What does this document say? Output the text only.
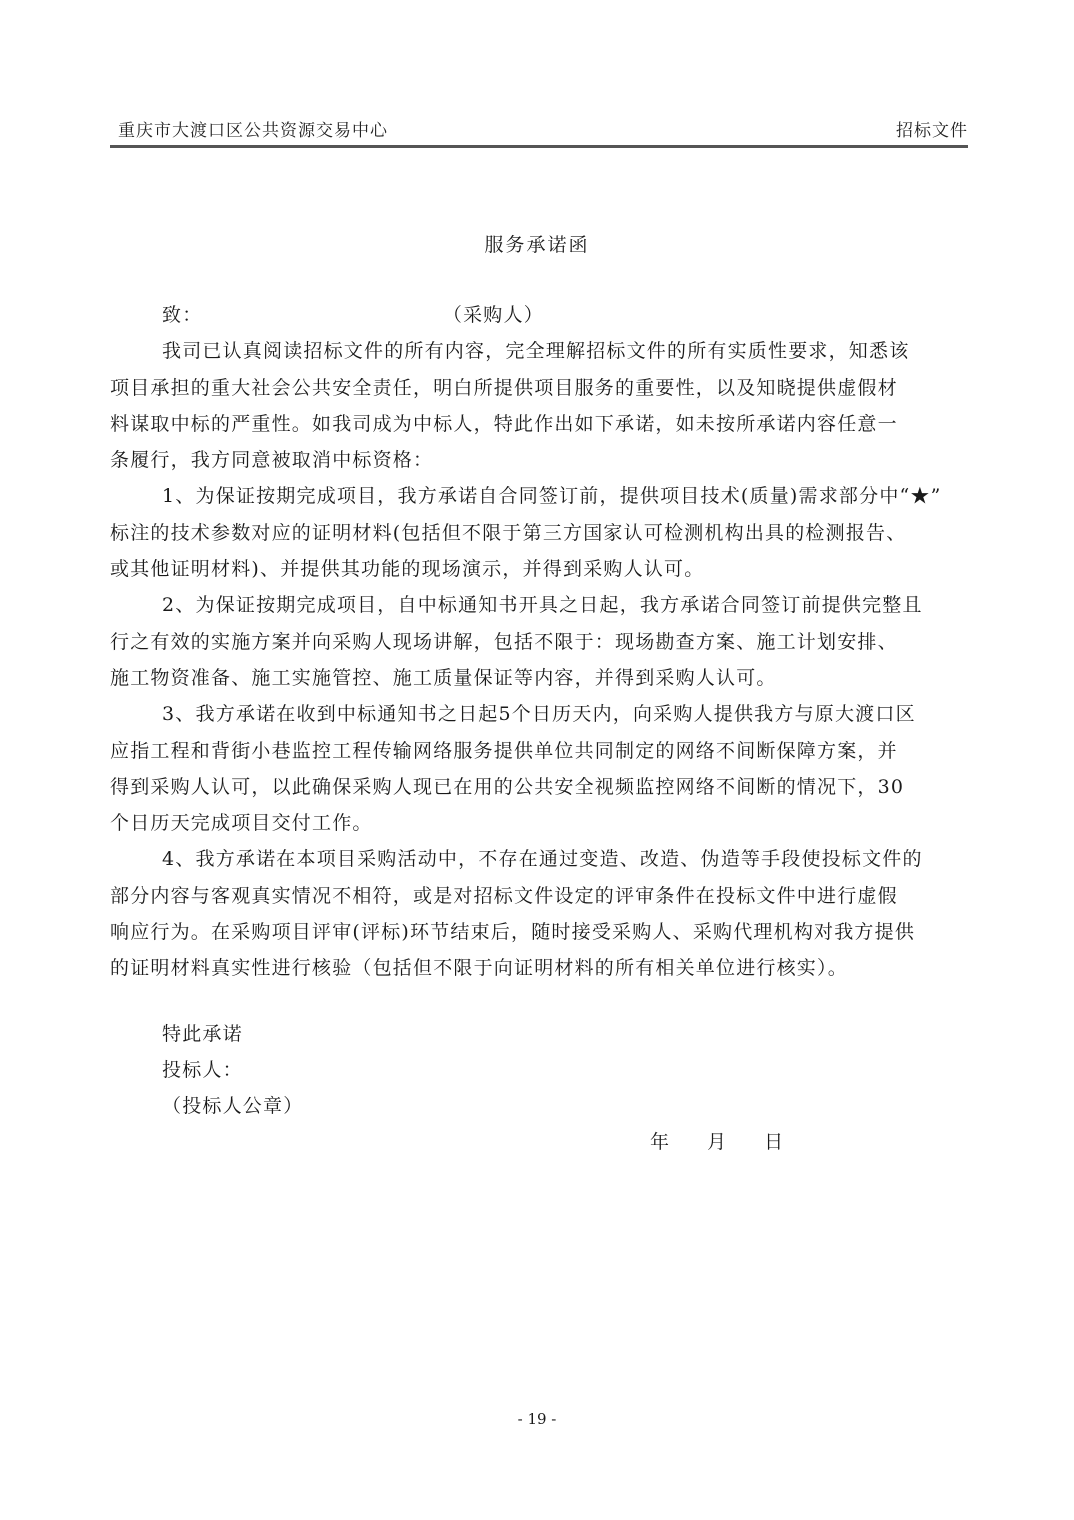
重庆市大渡口区公共资源交易中心	招标文件
服务承诺函
致：	（采购人）
我司已认真阅读招标文件的所有内容，完全理解招标文件的所有实质性要求，知悉该
项目承担的重大社会公共安全责任，明白所提供项目服务的重要性，以及知晓提供虚假材
料谋取中标的严重性。如我司成为中标人，特此作出如下承诺，如未按所承诺内容任意一
条履行，我方同意被取消中标资格：
1、为保证按期完成项目，我方承诺自合同签订前，提供项目技术(质量)需求部分中“★”
标注的技术参数对应的证明材料(包括但不限于第三方国家认可检测机构出具的检测报告、
或其他证明材料)、并提供其功能的现场演示，并得到采购人认可。
2、为保证按期完成项目，自中标通知书开具之日起，我方承诺合同签订前提供完整且
行之有效的实施方案并向采购人现场讲解，包括不限于：现场勘查方案、施工计划安排、
施工物资准备、施工实施管控、施工质量保证等内容，并得到采购人认可。
3、我方承诺在收到中标通知书之日起5个日历天内，向采购人提供我方与原大渡口区
应指工程和背街小巷监控工程传输网络服务提供单位共同制定的网络不间断保障方案，并
得到采购人认可，以此确保采购人现已在用的公共安全视频监控网络不间断的情况下，30
个日历天完成项目交付工作。
4、我方承诺在本项目采购活动中，不存在通过变造、改造、伪造等手段使投标文件的
部分内容与客观真实情况不相符，或是对招标文件设定的评审条件在投标文件中进行虚假
响应行为。在采购项目评审(评标)环节结束后，随时接受采购人、采购代理机构对我方提供
的证明材料真实性进行核验（包括但不限于向证明材料的所有相关单位进行核实）。
特此承诺
投标人：
（投标人公章）
年 月 日
- 19 -
